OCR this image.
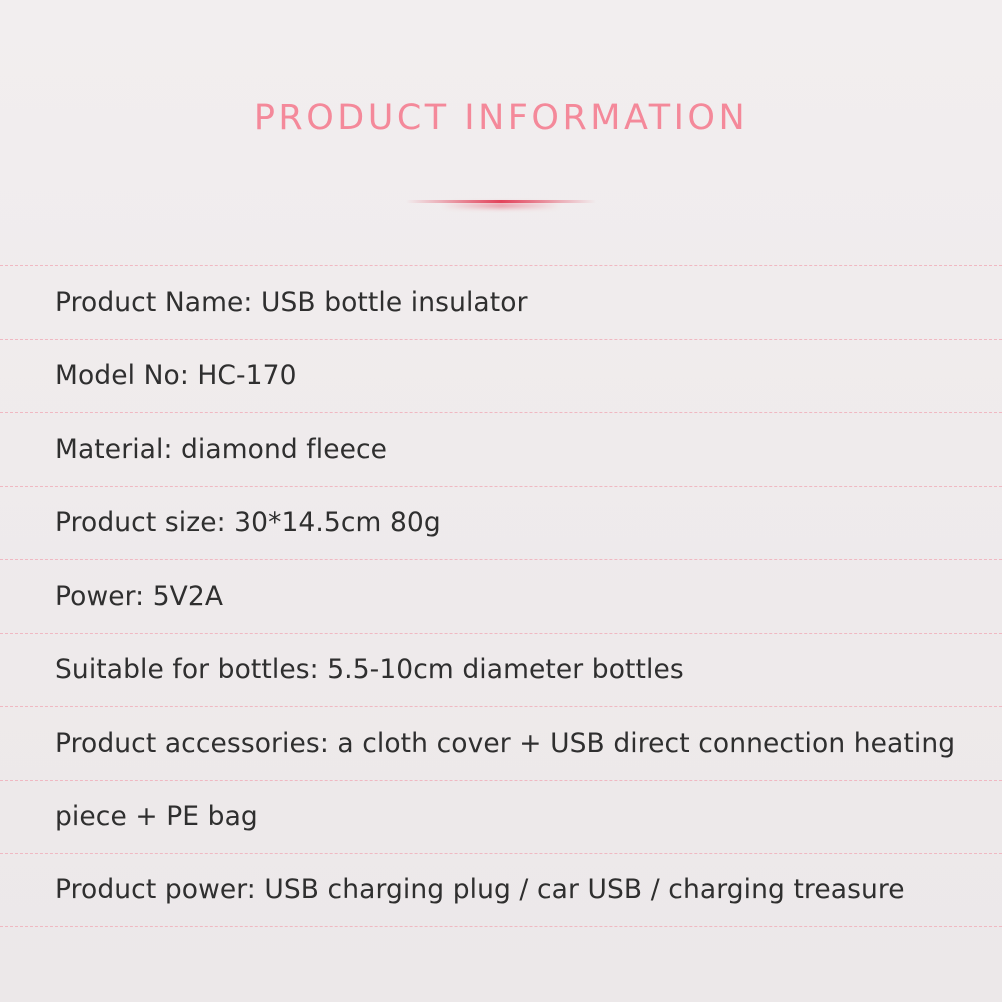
PRODUCT INFORMATION
Product Name: USB bottle insulator
Model No: HC-170
Material: diamond fleece
Product size: 30*14.5cm 80g
Power: 5V2A
Suitable for bottles: 5.5-10cm diameter bottles
Product accessories: a cloth cover + USB direct connection heating
piece + PE bag
Product power: USB charging plug / car USB / charging treasure
